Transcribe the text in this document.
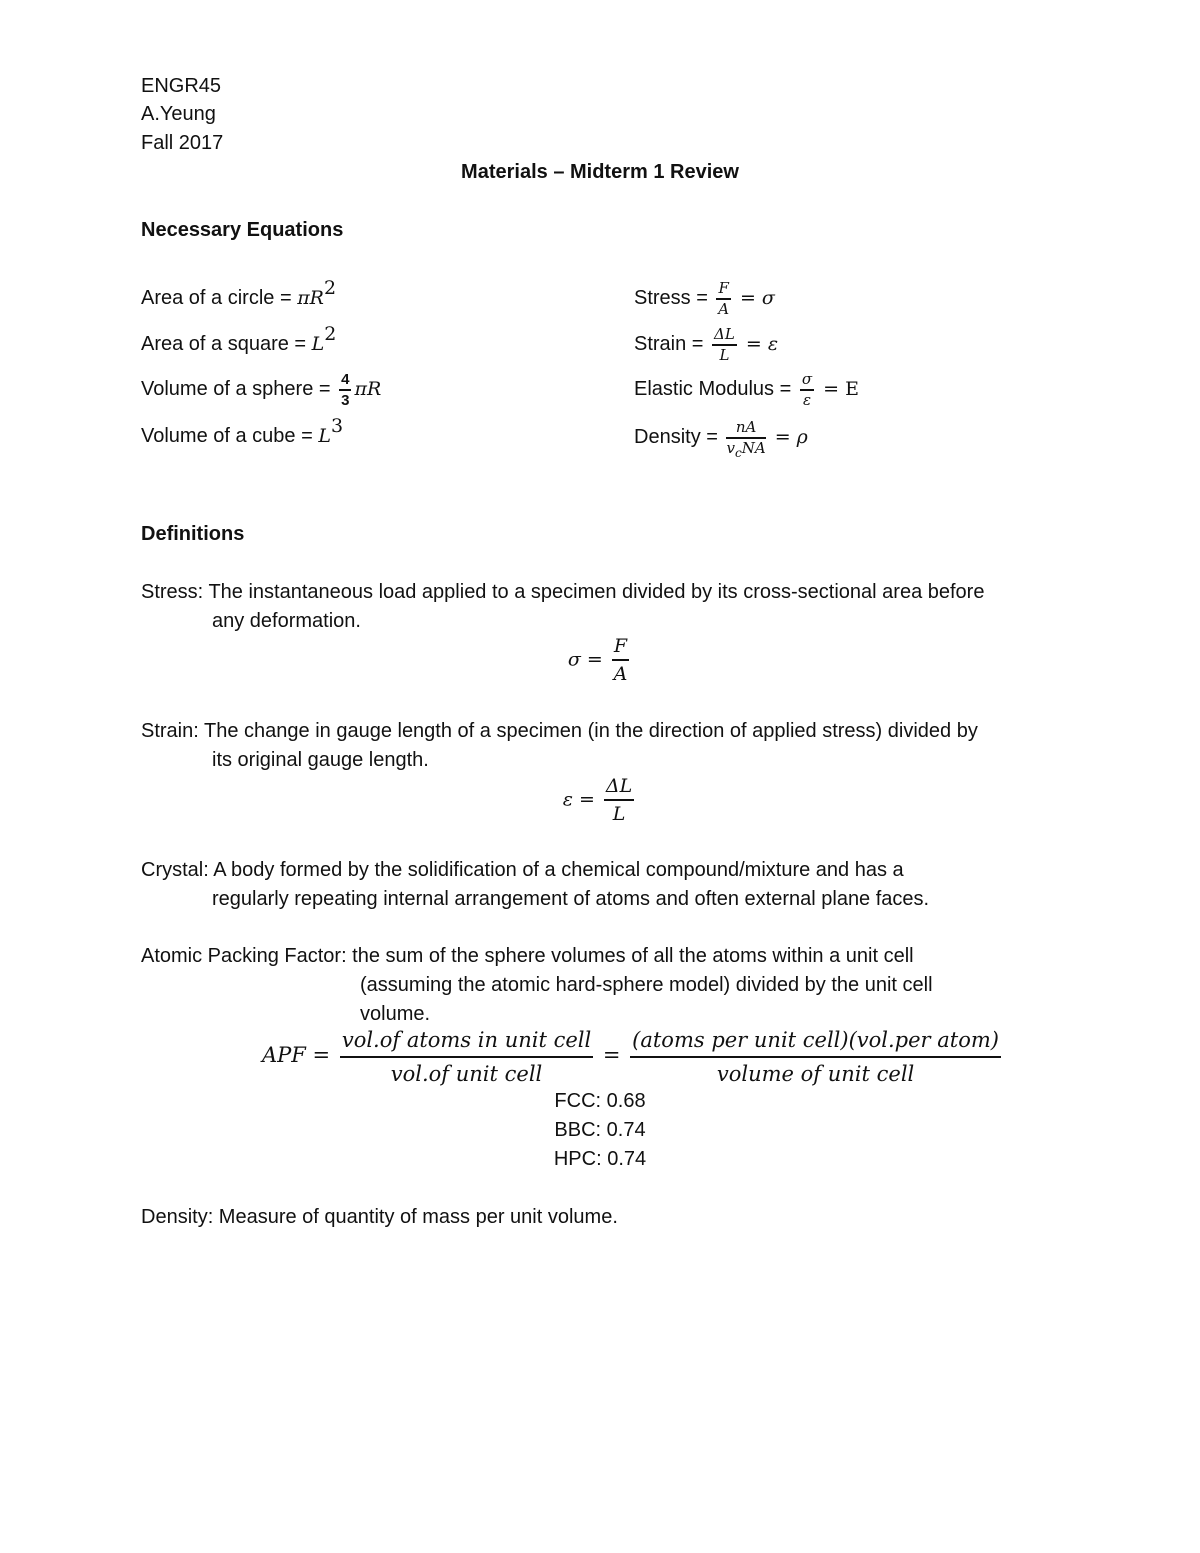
ENGR45
A.Yeung
Fall 2017
Materials – Midterm 1 Review
Necessary Equations
Area of a circle = $\pi R^2$
Area of a square = $L^2$
Volume of a sphere = $\frac{4}{3}$ πR
Volume of a cube = $L^3$
Stress = $\frac{F}{A} = \sigma$
Strain = $\frac{\Delta L}{L} = \varepsilon$
Elastic Modulus = $\frac{\sigma}{\varepsilon} = E$
Density = $\frac{nA}{v_cNA} = \rho$
Definitions
Stress: The instantaneous load applied to a specimen divided by its cross-sectional area before
any deformation.
$\sigma = \frac{F}{A}$
Strain: The change in gauge length of a specimen (in the direction of applied stress) divided by
its original gauge length.
$\varepsilon = \frac{\Delta L}{L}$
Crystal: A body formed by the solidification of a chemical compound/mixture and has a
regularly repeating internal arrangement of atoms and often external plane faces.
Atomic Packing Factor: the sum of the sphere volumes of all the atoms within a unit cell
(assuming the atomic hard-sphere model) divided by the unit cell
volume.
APF = $\frac{\text{vol.of atoms in unit cell}}{\text{vol.of unit cell}} = \frac{\text{(atoms per unit cell)(vol.per atom)}}{\text{volume of unit cell}}$
FCC: 0.68
BBC: 0.74
HPC: 0.74
Density: Measure of quantity of mass per unit volume.
